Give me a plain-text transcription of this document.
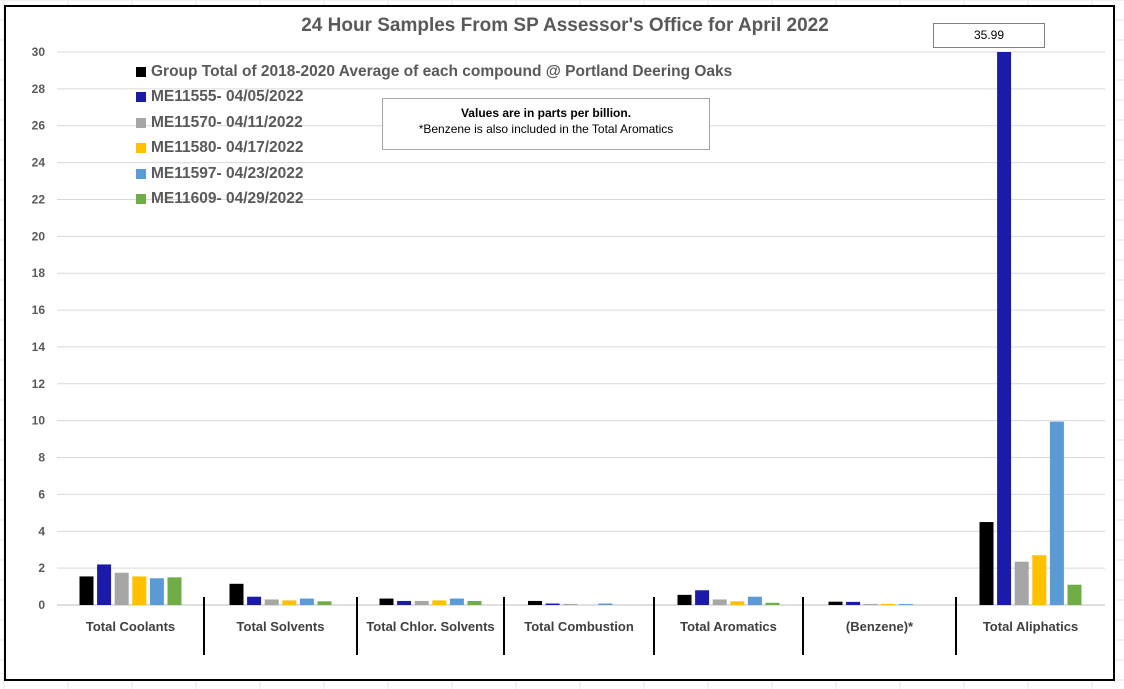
0
2
4
6
8
10
12
14
16
18
20
22
24
26
28
30
Total Coolants	Total Solvents	Total Chlor. Solvents Total Combustion	Total Aromatics	(Benzene)*	Total Aliphatics
24 Hour Samples From SP Assessor's Office for April 2022
Group Total of 2018-2020 Average of each compound @ Portland Deering Oaks
ME11555- 04/05/2022
ME11570- 04/11/2022
ME11580- 04/17/2022
ME11597- 04/23/2022
ME11609- 04/29/2022
Values are in parts per billion.
*Benzene is also included in the Total Aromatics
35.99
